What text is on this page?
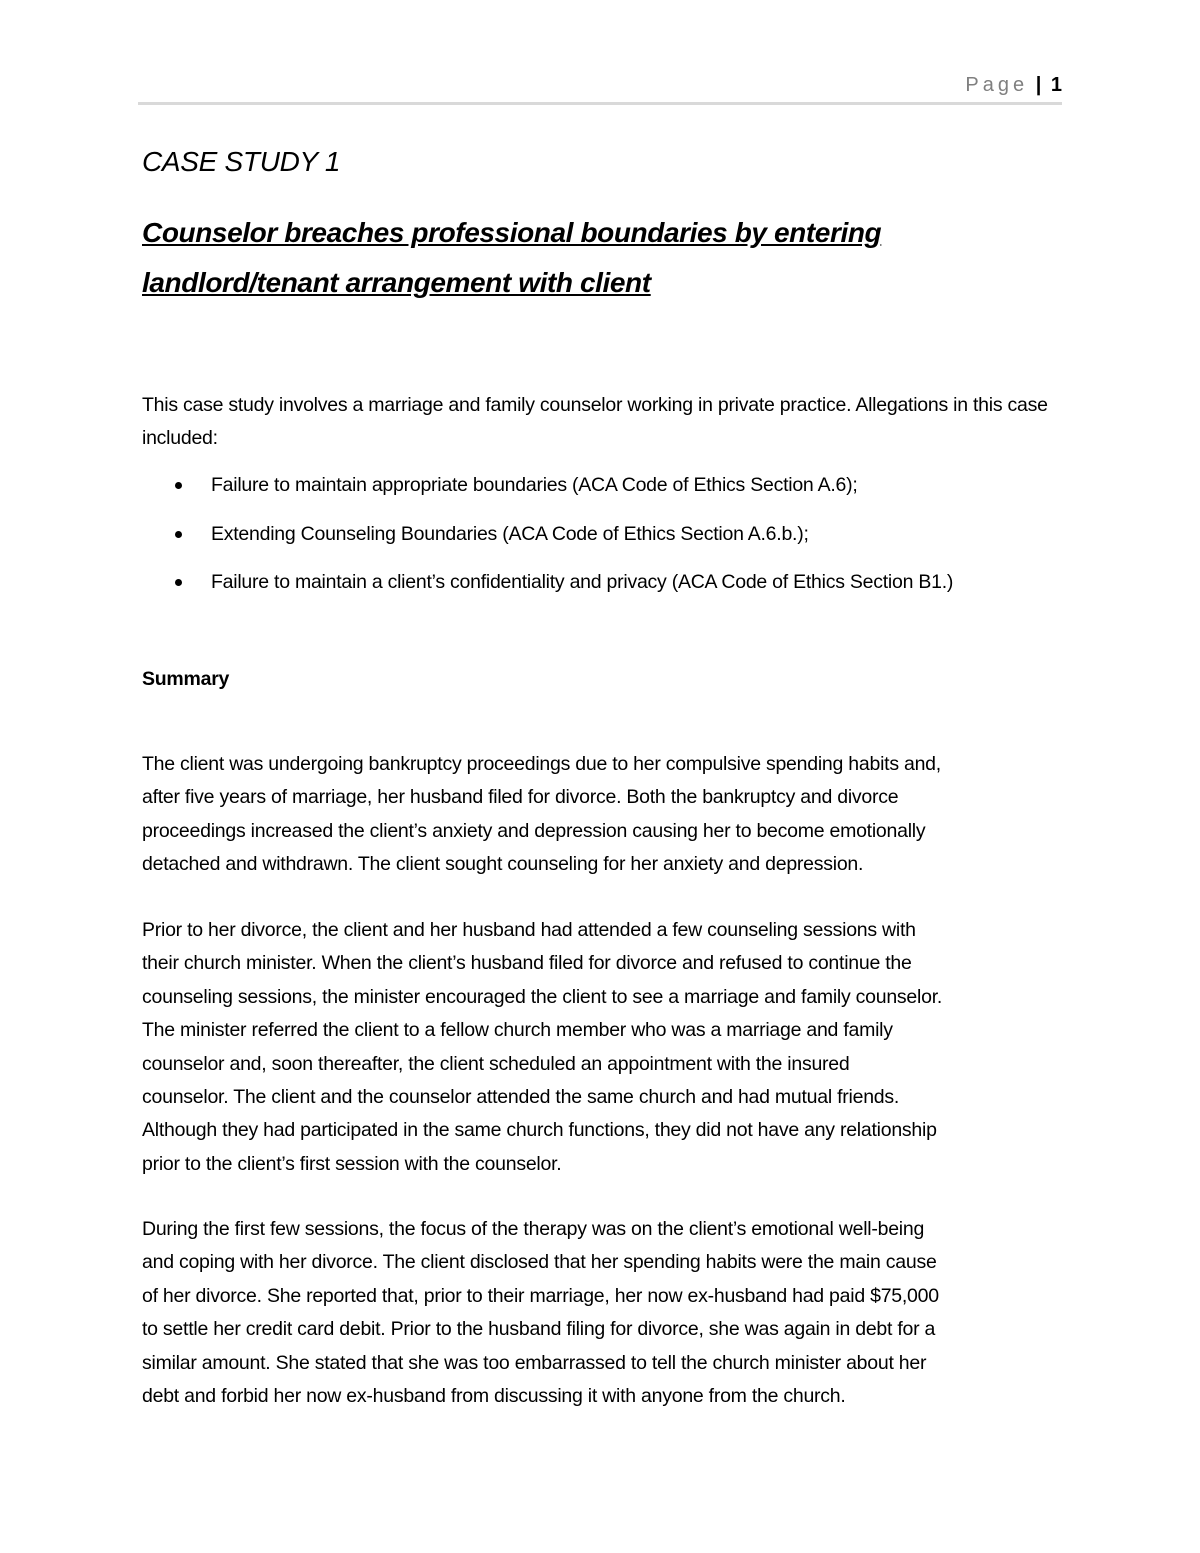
Page | 1
CASE STUDY 1
Counselor breaches professional boundaries by entering landlord/tenant arrangement with client

This case study involves a marriage and family counselor working in private practice. Allegations in this case included:

Failure to maintain appropriate boundaries (ACA Code of Ethics Section A.6);
Extending Counseling Boundaries (ACA Code of Ethics Section A.6.b.);
Failure to maintain a client’s confidentiality and privacy (ACA Code of Ethics Section B1.)
Summary

The client was undergoing bankruptcy proceedings due to her compulsive spending habits and,
after five years of marriage, her husband filed for divorce. Both the bankruptcy and divorce
proceedings increased the client’s anxiety and depression causing her to become emotionally
detached and withdrawn. The client sought counseling for her anxiety and depression.

Prior to her divorce, the client and her husband had attended a few counseling sessions with
their church minister. When the client’s husband filed for divorce and refused to continue the
counseling sessions, the minister encouraged the client to see a marriage and family counselor.
The minister referred the client to a fellow church member who was a marriage and family
counselor and, soon thereafter, the client scheduled an appointment with the insured
counselor. The client and the counselor attended the same church and had mutual friends.
Although they had participated in the same church functions, they did not have any relationship
prior to the client’s first session with the counselor.

During the first few sessions, the focus of the therapy was on the client’s emotional well-being
and coping with her divorce. The client disclosed that her spending habits were the main cause
of her divorce. She reported that, prior to their marriage, her now ex-husband had paid $75,000
to settle her credit card debit. Prior to the husband filing for divorce, she was again in debt for a
similar amount. She stated that she was too embarrassed to tell the church minister about her
debt and forbid her now ex-husband from discussing it with anyone from the church.
